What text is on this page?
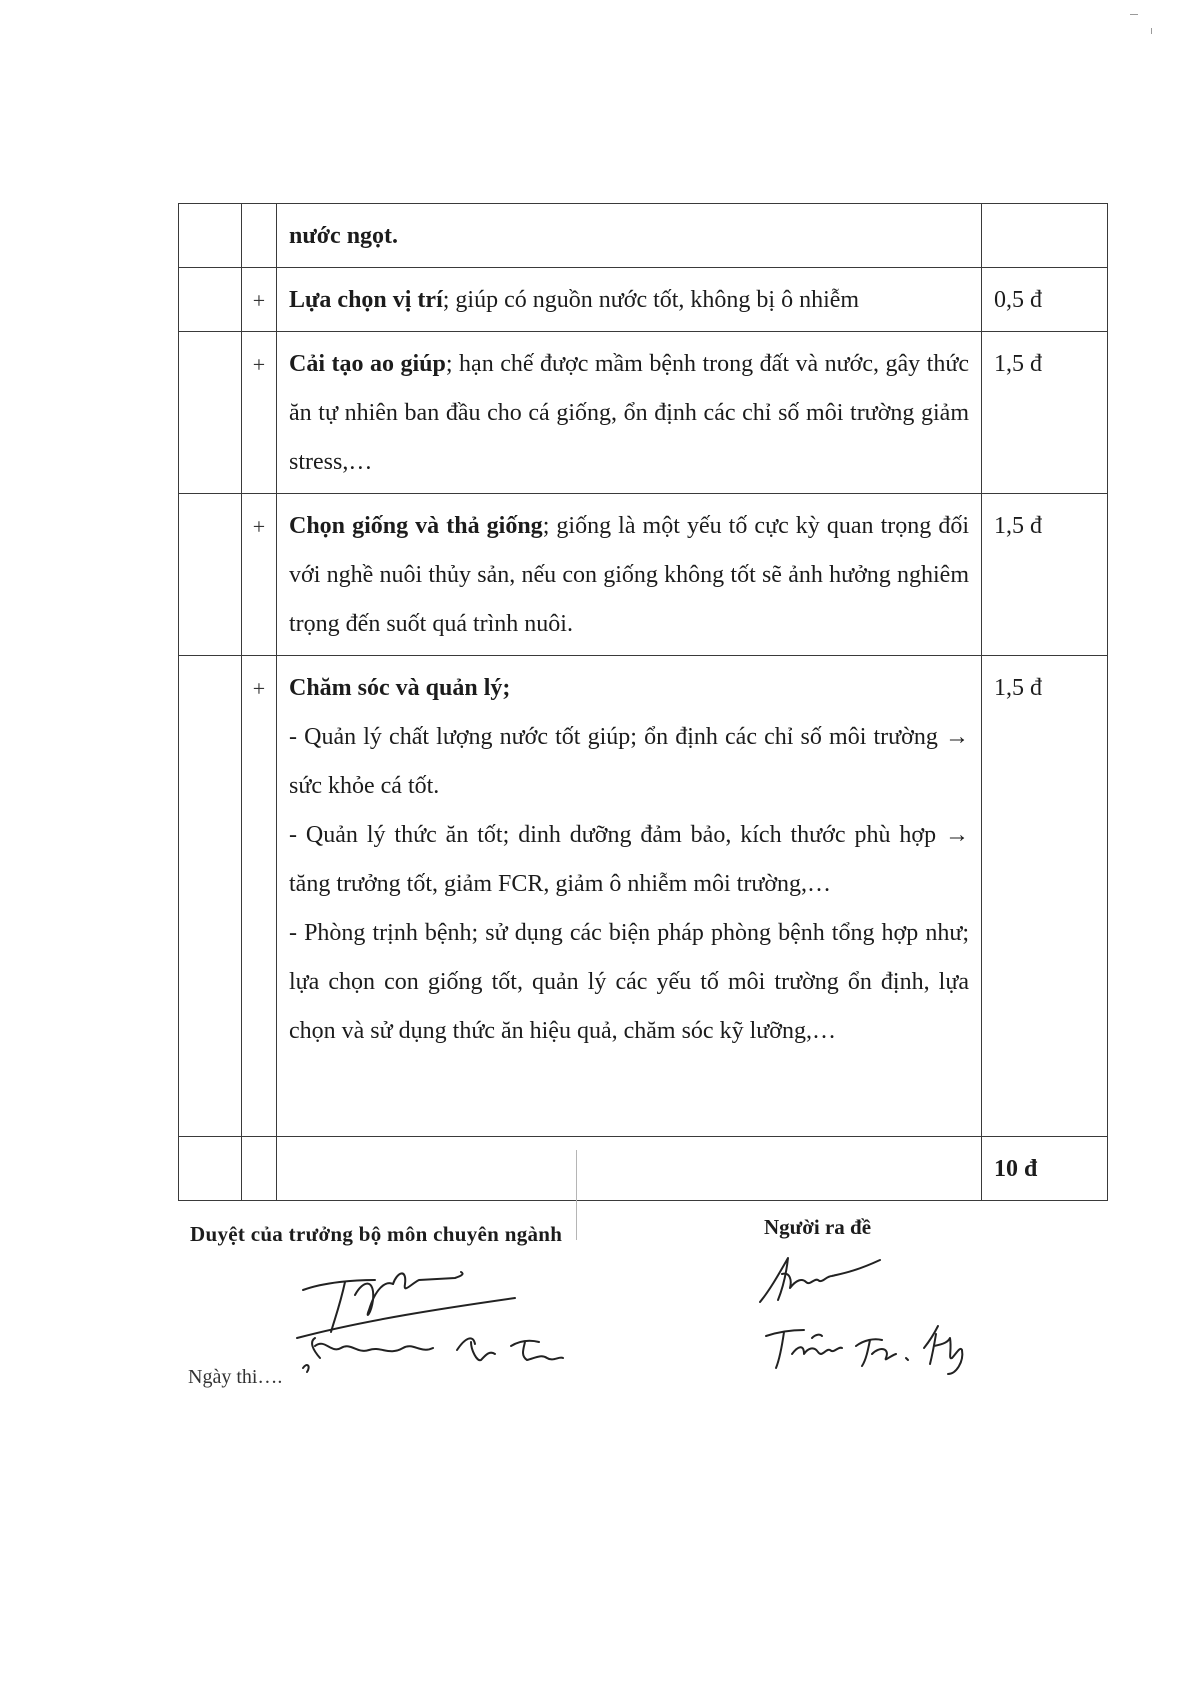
	nước ngọt.	

	+	Lựa chọn vị trí; giúp có nguồn nước tốt, không bị ô nhiễm	0,5 đ

	+	Cải tạo ao giúp; hạn chế được mầm bệnh trong đất và nước, gây thức ăn tự nhiên ban đầu cho cá giống, ổn định các chỉ số môi trường giảm stress,…	1,5 đ

	+	Chọn giống và thả giống; giống là một yếu tố cực kỳ quan trọng đối với nghề nuôi thủy sản, nếu con giống không tốt sẽ ảnh hưởng nghiêm trọng đến suốt quá trình nuôi.	1,5 đ

	+	Chăm sóc và quản lý;
- Quản lý chất lượng nước tốt giúp; ổn định các chỉ số môi trường → sức khỏe cá tốt.
- Quản lý thức ăn tốt; dinh dưỡng đảm bảo, kích thước phù hợp → tăng trưởng tốt, giảm FCR, giảm ô nhiễm môi trường,…
- Phòng trịnh bệnh; sử dụng các biện pháp phòng bệnh tổng hợp như; lựa chọn con giống tốt, quản lý các yếu tố môi trường ổn định, lựa chọn và sử dụng thức ăn hiệu quả, chăm sóc kỹ lưỡng,…	1,5 đ
			10 đ
Duyệt của trưởng bộ môn chuyên ngành	Người ra đề
Ngày thi….
